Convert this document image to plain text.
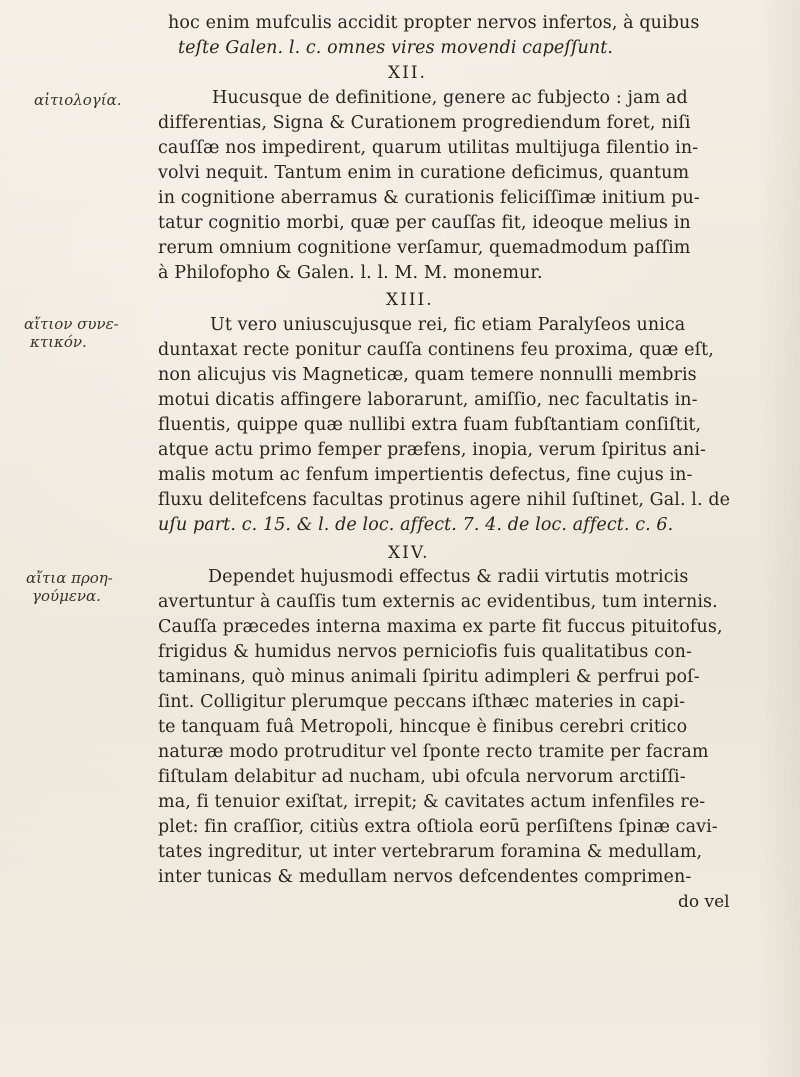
hoc enim mufculis accidit propter nervos infertos, à quibus
teſte Galen. l. c. omnes vires movendi capeſſunt.
XII.
αἰτιολογία.	Hucusque de definitione, genere ac fubjecto : jam ad
differentias, Signa & Curationem progrediendum foret, niſi
cauſſæ nos impedirent, quarum utilitas multijuga filentio in-
volvi nequit. Tantum enim in curatione deficimus, quantum
in cognitione aberramus & curationis feliciſſimæ initium pu-
tatur cognitio morbi, quæ per cauſſas fit, ideoque melius in
rerum omnium cognitione verſamur, quemadmodum paſſim
à Philofopho & Galen. l. l. M. M. monemur.
XIII.
αἴτιον συνε-
κτικόν.
Ut vero uniuscujusque rei, fic etiam Paralyſeos unica
duntaxat recte ponitur cauſſa continens feu proxima, quæ eſt,
non alicujus vis Magneticæ, quam temere nonnulli membris
motui dicatis affingere laborarunt, amiſſio, nec facultatis in-
fluentis, quippe quæ nullibi extra fuam fubſtantiam conſiſtit,
atque actu primo femper præfens, inopia, verum ſpiritus ani-
malis motum ac fenfum impertientis defectus, fine cujus in-
fluxu delitefcens facultas protinus agere nihil ſuſtinet, Gal. l. de
uſu part. c. 15. & l. de loc. affect. 7. 4. de loc. affect. c. 6.
XIV.
αἴτια προη-
γούμενα.
Dependet hujusmodi effectus & radii virtutis motricis
avertuntur à cauſſis tum externis ac evidentibus, tum internis.
Cauſſa præcedes interna maxima ex parte fit fuccus pituitofus,
frigidus & humidus nervos perniciofis fuis qualitatibus con-
taminans, quò minus animali ſpiritu adimpleri & perfrui poſ-
ſint. Colligitur plerumque peccans iſthæc materies in capi-
te tanquam fuâ Metropoli, hincque è finibus cerebri critico
naturæ modo protruditur vel ſponte recto tramite per facram
fiſtulam delabitur ad nucham, ubi ofcula nervorum arctiſſi-
ma, fi tenuior exiſtat, irrepit; & cavitates actum infenfiles re-
plet: fin craſſior, citiùs extra oſtiola eorū perſiſtens ſpinæ cavi-
tates ingreditur, ut inter vertebrarum foramina & medullam,
inter tunicas & medullam nervos defcendentes comprimen-
do vel
